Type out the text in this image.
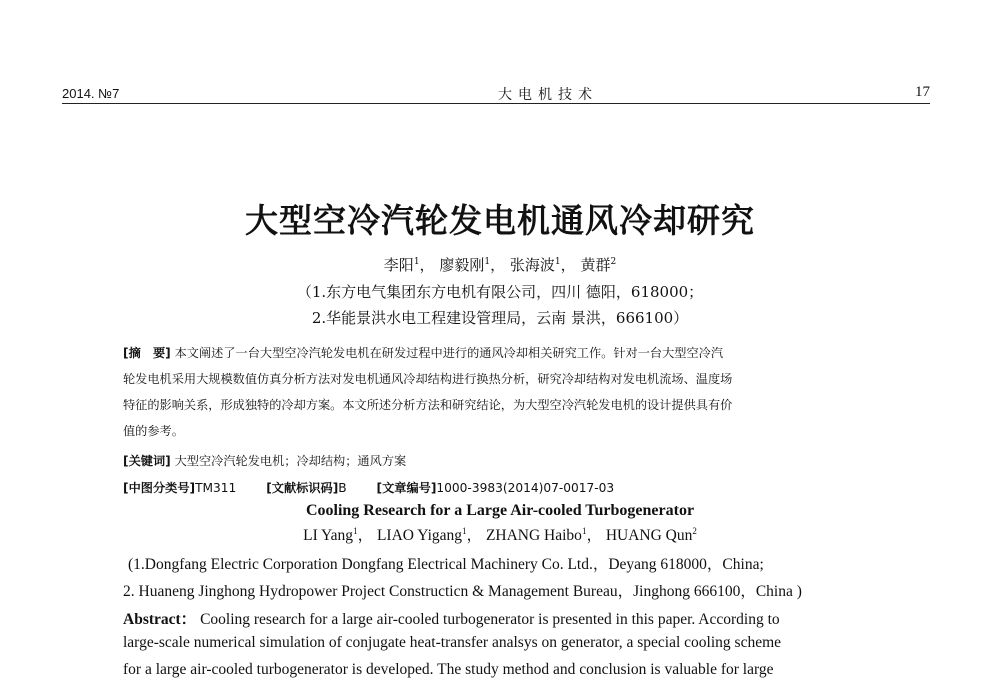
2014. №7	大电机技术	17
大型空冷汽轮发电机通风冷却研究
李阳$^1$， 廖毅刚$^1$， 张海波$^1$， 黄群$^2$
（1.东方电气集团东方电机有限公司，四川 德阳，618000；
2.华能景洪水电工程建设管理局，云南 景洪，666100）
[摘　要] 本文阐述了一台大型空冷汽轮发电机在研发过程中进行的通风冷却相关研究工作。针对一台大型空冷汽
轮发电机采用大规模数值仿真分析方法对发电机通风冷却结构进行换热分析，研究冷却结构对发电机流场、温度场
特征的影响关系，形成独特的冷却方案。本文所述分析方法和研究结论，为大型空冷汽轮发电机的设计提供具有价
值的参考。
[关键词] 大型空冷汽轮发电机；冷却结构；通风方案
[中图分类号]TM311 [文献标识码]B [文章编号]1000-3983(2014)07-0017-03
Cooling Research for a Large Air-cooled Turbogenerator
LI Yang$^1$， LIAO Yigang$^1$， ZHANG Haibo$^1$， HUANG Qun$^2$
(1.Dongfang Electric Corporation Dongfang Electrical Machinery Co. Ltd.，Deyang 618000，China;
2. Huaneng Jinghong Hydropower Project Constructicn & Management Bureau，Jinghong 666100，China )
Abstract： Cooling research for a large air-cooled turbogenerator is presented in this paper. According to
large-scale numerical simulation of conjugate heat-transfer analsys on generator, a special cooling scheme
for a large air-cooled turbogenerator is developed. The study method and conclusion is valuable for large
